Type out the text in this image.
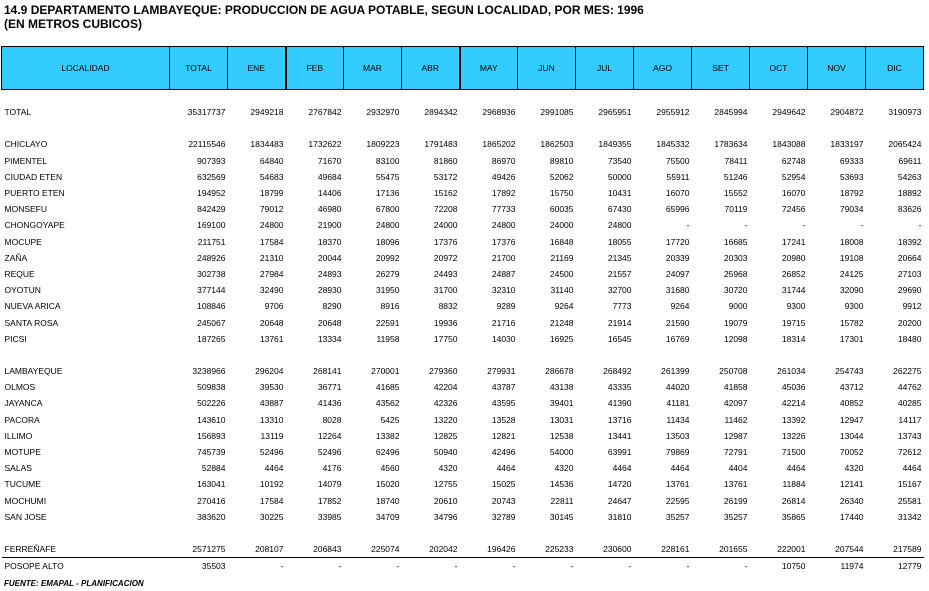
14.9 DEPARTAMENTO LAMBAYEQUE: PRODUCCION DE AGUA POTABLE, SEGUN LOCALIDAD, POR MES: 1996
(EN METROS CUBICOS)
LOCALIDAD	TOTAL	ENE	FEB	MAR	ABR	MAY	JUN	JUL	AGO	SET	OCT	NOV	DIC

TOTAL	35317737	2949218	2767842	2932970	2894342	2968936	2991085	2965951	2955912	2845994	2949642	2904872	3190973

CHICLAYO	22115546	1834483	1732622	1809223	1791483	1865202	1862503	1849355	1845332	1783634	1843088	1833197	2065424
PIMENTEL	907393	64840	71670	83100	81860	86970	89810	73540	75500	78411	62748	69333	69611
CIUDAD ETEN	632569	54683	49684	55475	53172	49426	52062	50000	55911	51246	52954	53693	54263
PUERTO ETEN	194952	18799	14406	17136	15162	17892	15750	10431	16070	15552	16070	18792	18892
MONSEFU	842429	79012	46980	67800	72208	77733	60035	67430	65996	70119	72456	79034	83626
CHONGOYAPE	169100	24800	21900	24800	24000	24800	24000	24800	-	-	-	-	-
MOCUPE	211751	17584	18370	18096	17376	17376	16848	18055	17720	16685	17241	18008	18392
ZAÑA	248926	21310	20044	20992	20972	21700	21169	21345	20339	20303	20980	19108	20664
REQUE	302738	27984	24893	26279	24493	24887	24500	21557	24097	25968	26852	24125	27103
OYOTUN	377144	32490	28930	31950	31700	32310	31140	32700	31680	30720	31744	32090	29690
NUEVA ARICA	108846	9706	8290	8916	8832	9289	9264	7773	9264	9000	9300	9300	9912
SANTA ROSA	245067	20648	20648	22591	19936	21716	21248	21914	21590	19079	19715	15782	20200
PICSI	187265	13761	13334	11958	17750	14030	16925	16545	16769	12098	18314	17301	18480

LAMBAYEQUE	3238966	296204	268141	270001	279360	279931	286678	268492	261399	250708	261034	254743	262275
OLMOS	509838	39530	36771	41685	42204	43787	43138	43335	44020	41858	45036	43712	44762
JAYANCA	502226	43887	41436	43562	42326	43595	39401	41390	41181	42097	42214	40852	40285
PACORA	143610	13310	8028	5425	13220	13528	13031	13716	11434	11462	13392	12947	14117
ILLIMO	156893	13119	12264	13382	12825	12821	12538	13441	13503	12987	13226	13044	13743
MOTUPE	745739	52496	52496	62496	50940	42496	54000	63991	79869	72791	71500	70052	72612
SALAS	52884	4464	4176	4560	4320	4464	4320	4464	4464	4404	4464	4320	4464
TUCUME	163041	10192	14079	15020	12755	15025	14536	14720	13761	13761	11884	12141	15167
MOCHUMI	270416	17584	17852	18740	20610	20743	22811	24647	22595	26199	26814	26340	25581
SAN JOSE	383620	30225	33985	34709	34796	32789	30145	31810	35257	35257	35865	17440	31342

FERREÑAFE	2571275	208107	206843	225074	202042	196426	225233	230600	228161	201655	222001	207544	217589
POSOPE ALTO	35503	-	-	-	-	-	-	-	-	-	10750	11974	12779
FUENTE: EMAPAL - PLANIFICACION
